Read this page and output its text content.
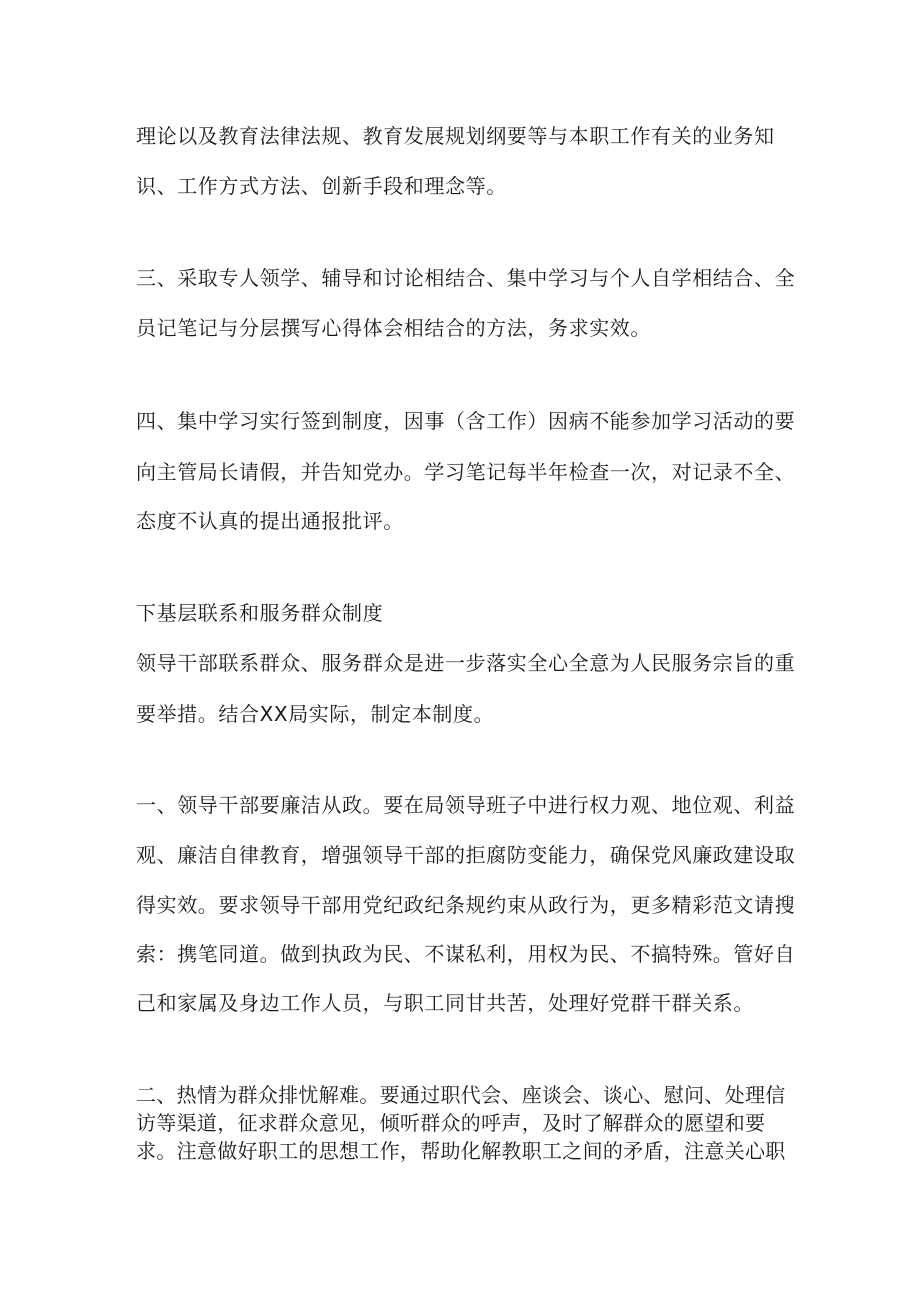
理论以及教育法律法规、教育发展规划纲要等与本职工作有关的业务知

识、工作方式方法、创新手段和理念等。

三、采取专人领学、辅导和讨论相结合、集中学习与个人自学相结合、全

员记笔记与分层撰写心得体会相结合的方法，务求实效。

四、集中学习实行签到制度，因事（含工作）因病不能参加学习活动的要

向主管局长请假，并告知党办。学习笔记每半年检查一次，对记录不全、

态度不认真的提出通报批评。

下基层联系和服务群众制度

领导干部联系群众、服务群众是进一步落实全心全意为人民服务宗旨的重

要举措。结合XX局实际，制定本制度。

一、领导干部要廉洁从政。要在局领导班子中进行权力观、地位观、利益

观、廉洁自律教育，增强领导干部的拒腐防变能力，确保党风廉政建设取

得实效。要求领导干部用党纪政纪条规约束从政行为，更多精彩范文请搜

索：携笔同道。做到执政为民、不谋私利，用权为民、不搞特殊。管好自

己和家属及身边工作人员，与职工同甘共苦，处理好党群干群关系。

二、热情为群众排忧解难。要通过职代会、座谈会、谈心、慰问、处理信

访等渠道，征求群众意见，倾听群众的呼声，及时了解群众的愿望和要

求。注意做好职工的思想工作，帮助化解教职工之间的矛盾，注意关心职
